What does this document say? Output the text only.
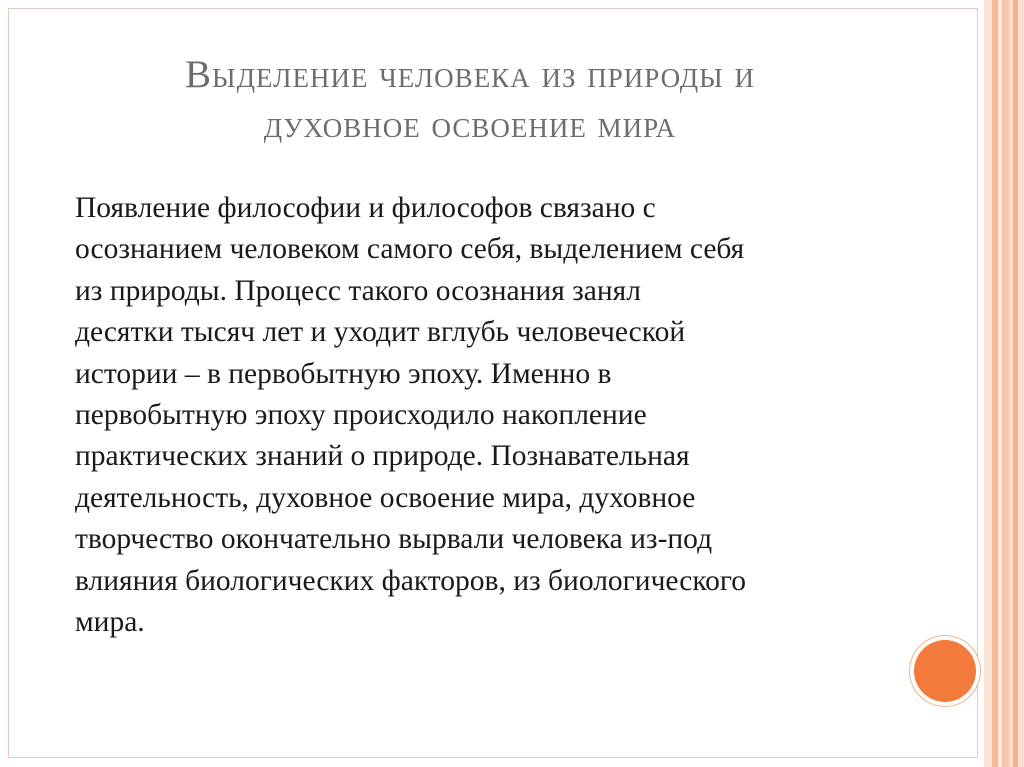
Выделение человека из природы и
духовное освоение мира

Появление философии и философов связано с
осознанием человеком самого себя, выделением себя
из природы. Процесс такого осознания занял
десятки тысяч лет и уходит вглубь человеческой
истории – в первобытную эпоху. Именно в
первобытную эпоху происходило накопление
практических знаний о природе. Познавательная
деятельность, духовное освоение мира, духовное
творчество окончательно вырвали человека из-под
влияния биологических факторов, из биологического
мира.
